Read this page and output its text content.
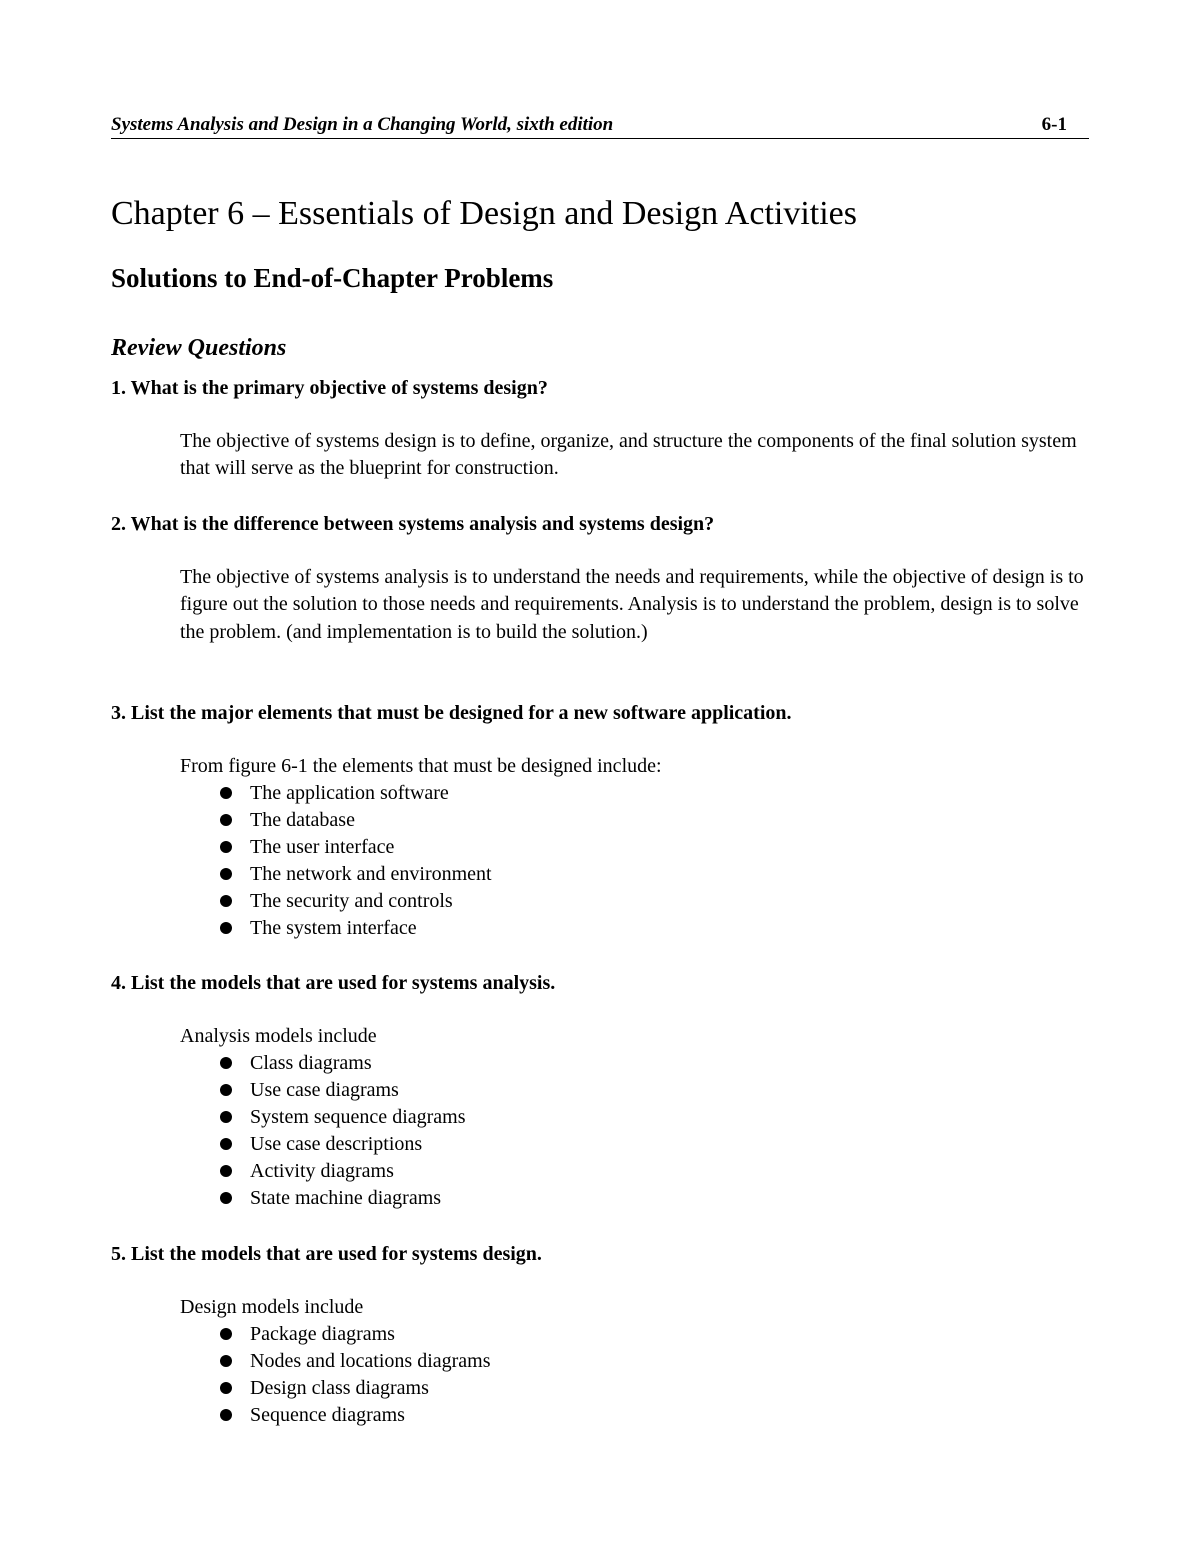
Systems Analysis and Design in a Changing World, sixth edition	6-1
Chapter 6 – Essentials of Design and Design Activities
Solutions to End-of-Chapter Problems
Review Questions

1. What is the primary objective of systems design?

The objective of systems design is to define, organize, and structure the components of the final solution system that will serve as the blueprint for construction.

2. What is the difference between systems analysis and systems design?

The objective of systems analysis is to understand the needs and requirements, while the objective of design is to figure out the solution to those needs and requirements. Analysis is to understand the problem, design is to solve the problem. (and implementation is to build the solution.)

3. List the major elements that must be designed for a new software application.

From figure 6-1 the elements that must be designed include:

The application software
The database
The user interface
The network and environment
The security and controls
The system interface

4. List the models that are used for systems analysis.

Analysis models include

Class diagrams
Use case diagrams
System sequence diagrams
Use case descriptions
Activity diagrams
State machine diagrams

5. List the models that are used for systems design.

Design models include

Package diagrams
Nodes and locations diagrams
Design class diagrams
Sequence diagrams
